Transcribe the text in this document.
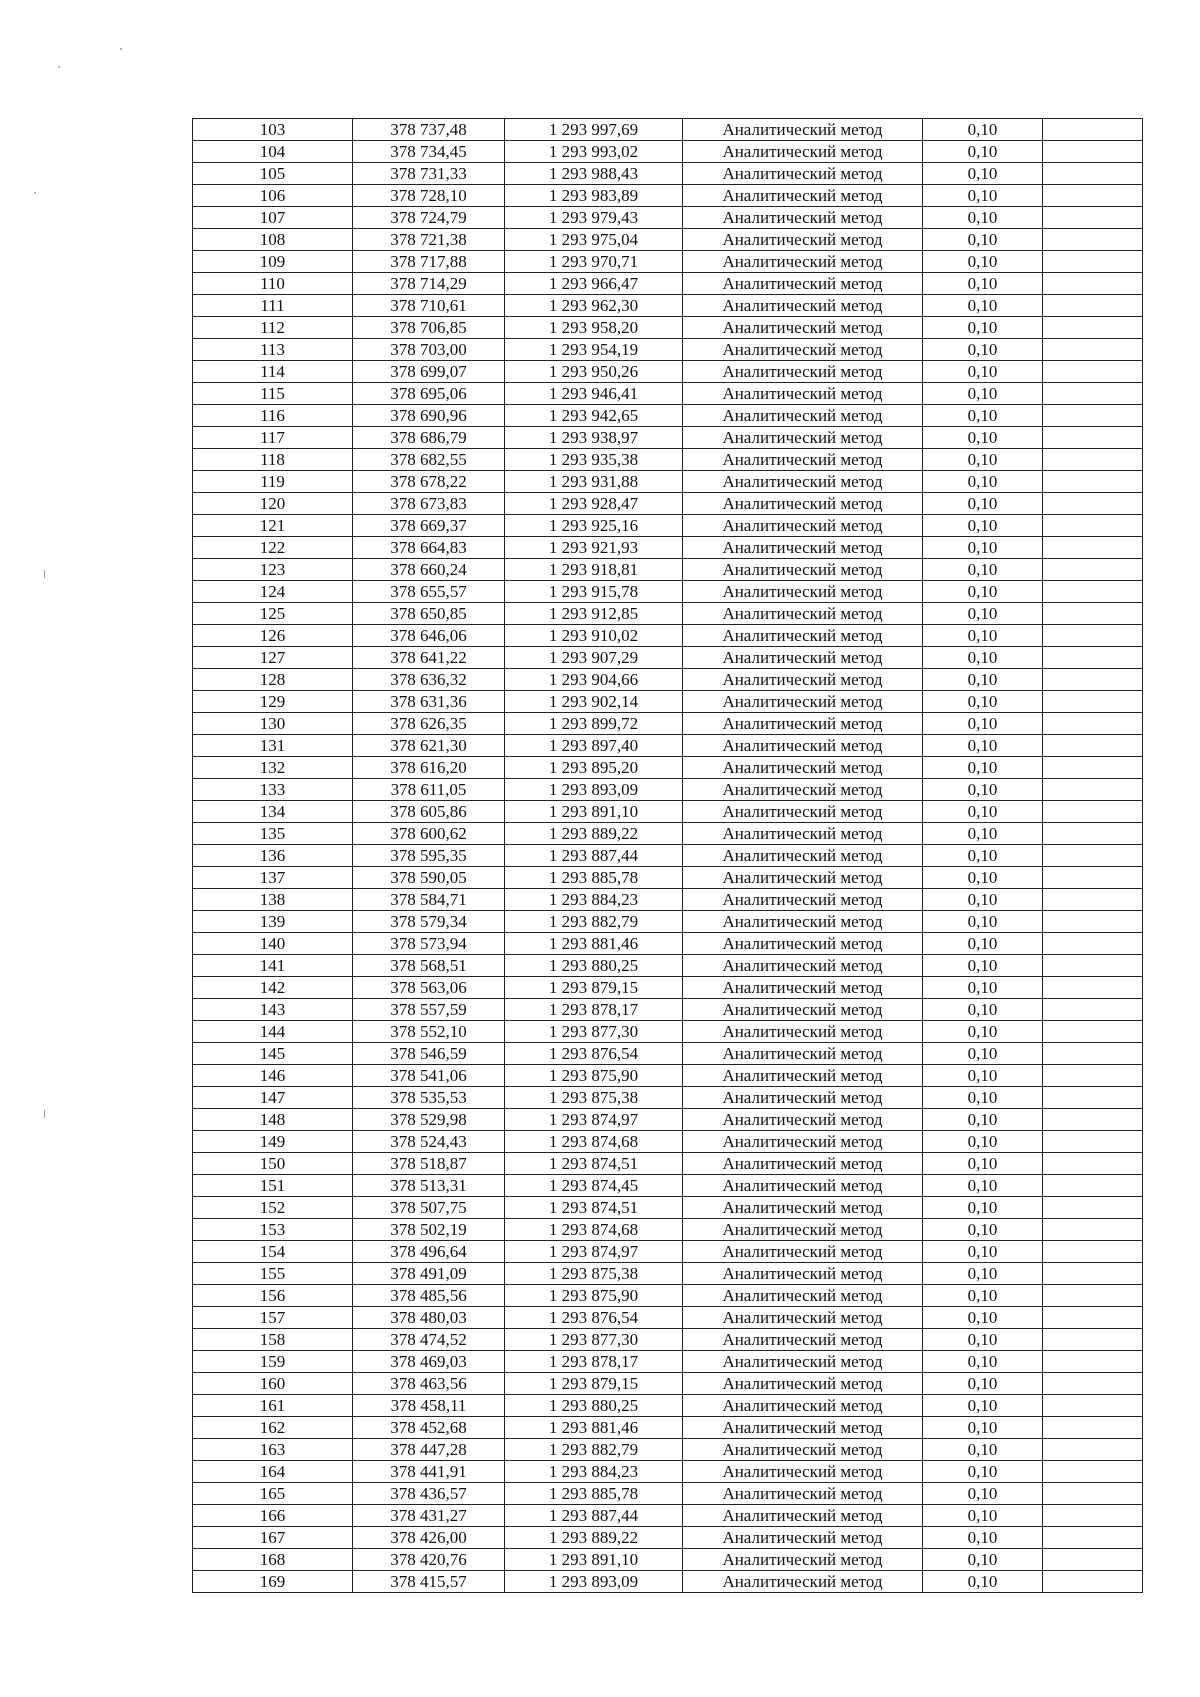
103	378 737,48	1 293 997,69	Аналитический метод	0,10	
104	378 734,45	1 293 993,02	Аналитический метод	0,10	
105	378 731,33	1 293 988,43	Аналитический метод	0,10	
106	378 728,10	1 293 983,89	Аналитический метод	0,10	
107	378 724,79	1 293 979,43	Аналитический метод	0,10	
108	378 721,38	1 293 975,04	Аналитический метод	0,10	
109	378 717,88	1 293 970,71	Аналитический метод	0,10	
110	378 714,29	1 293 966,47	Аналитический метод	0,10	
111	378 710,61	1 293 962,30	Аналитический метод	0,10	
112	378 706,85	1 293 958,20	Аналитический метод	0,10	
113	378 703,00	1 293 954,19	Аналитический метод	0,10	
114	378 699,07	1 293 950,26	Аналитический метод	0,10	
115	378 695,06	1 293 946,41	Аналитический метод	0,10	
116	378 690,96	1 293 942,65	Аналитический метод	0,10	
117	378 686,79	1 293 938,97	Аналитический метод	0,10	
118	378 682,55	1 293 935,38	Аналитический метод	0,10	
119	378 678,22	1 293 931,88	Аналитический метод	0,10	
120	378 673,83	1 293 928,47	Аналитический метод	0,10	
121	378 669,37	1 293 925,16	Аналитический метод	0,10	
122	378 664,83	1 293 921,93	Аналитический метод	0,10	
123	378 660,24	1 293 918,81	Аналитический метод	0,10	
124	378 655,57	1 293 915,78	Аналитический метод	0,10	
125	378 650,85	1 293 912,85	Аналитический метод	0,10	
126	378 646,06	1 293 910,02	Аналитический метод	0,10	
127	378 641,22	1 293 907,29	Аналитический метод	0,10	
128	378 636,32	1 293 904,66	Аналитический метод	0,10	
129	378 631,36	1 293 902,14	Аналитический метод	0,10	
130	378 626,35	1 293 899,72	Аналитический метод	0,10	
131	378 621,30	1 293 897,40	Аналитический метод	0,10	
132	378 616,20	1 293 895,20	Аналитический метод	0,10	
133	378 611,05	1 293 893,09	Аналитический метод	0,10	
134	378 605,86	1 293 891,10	Аналитический метод	0,10	
135	378 600,62	1 293 889,22	Аналитический метод	0,10	
136	378 595,35	1 293 887,44	Аналитический метод	0,10	
137	378 590,05	1 293 885,78	Аналитический метод	0,10	
138	378 584,71	1 293 884,23	Аналитический метод	0,10	
139	378 579,34	1 293 882,79	Аналитический метод	0,10	
140	378 573,94	1 293 881,46	Аналитический метод	0,10	
141	378 568,51	1 293 880,25	Аналитический метод	0,10	
142	378 563,06	1 293 879,15	Аналитический метод	0,10	
143	378 557,59	1 293 878,17	Аналитический метод	0,10	
144	378 552,10	1 293 877,30	Аналитический метод	0,10	
145	378 546,59	1 293 876,54	Аналитический метод	0,10	
146	378 541,06	1 293 875,90	Аналитический метод	0,10	
147	378 535,53	1 293 875,38	Аналитический метод	0,10	
148	378 529,98	1 293 874,97	Аналитический метод	0,10	
149	378 524,43	1 293 874,68	Аналитический метод	0,10	
150	378 518,87	1 293 874,51	Аналитический метод	0,10	
151	378 513,31	1 293 874,45	Аналитический метод	0,10	
152	378 507,75	1 293 874,51	Аналитический метод	0,10	
153	378 502,19	1 293 874,68	Аналитический метод	0,10	
154	378 496,64	1 293 874,97	Аналитический метод	0,10	
155	378 491,09	1 293 875,38	Аналитический метод	0,10	
156	378 485,56	1 293 875,90	Аналитический метод	0,10	
157	378 480,03	1 293 876,54	Аналитический метод	0,10	
158	378 474,52	1 293 877,30	Аналитический метод	0,10	
159	378 469,03	1 293 878,17	Аналитический метод	0,10	
160	378 463,56	1 293 879,15	Аналитический метод	0,10	
161	378 458,11	1 293 880,25	Аналитический метод	0,10	
162	378 452,68	1 293 881,46	Аналитический метод	0,10	
163	378 447,28	1 293 882,79	Аналитический метод	0,10	
164	378 441,91	1 293 884,23	Аналитический метод	0,10	
165	378 436,57	1 293 885,78	Аналитический метод	0,10	
166	378 431,27	1 293 887,44	Аналитический метод	0,10	
167	378 426,00	1 293 889,22	Аналитический метод	0,10	
168	378 420,76	1 293 891,10	Аналитический метод	0,10	
169	378 415,57	1 293 893,09	Аналитический метод	0,10	
